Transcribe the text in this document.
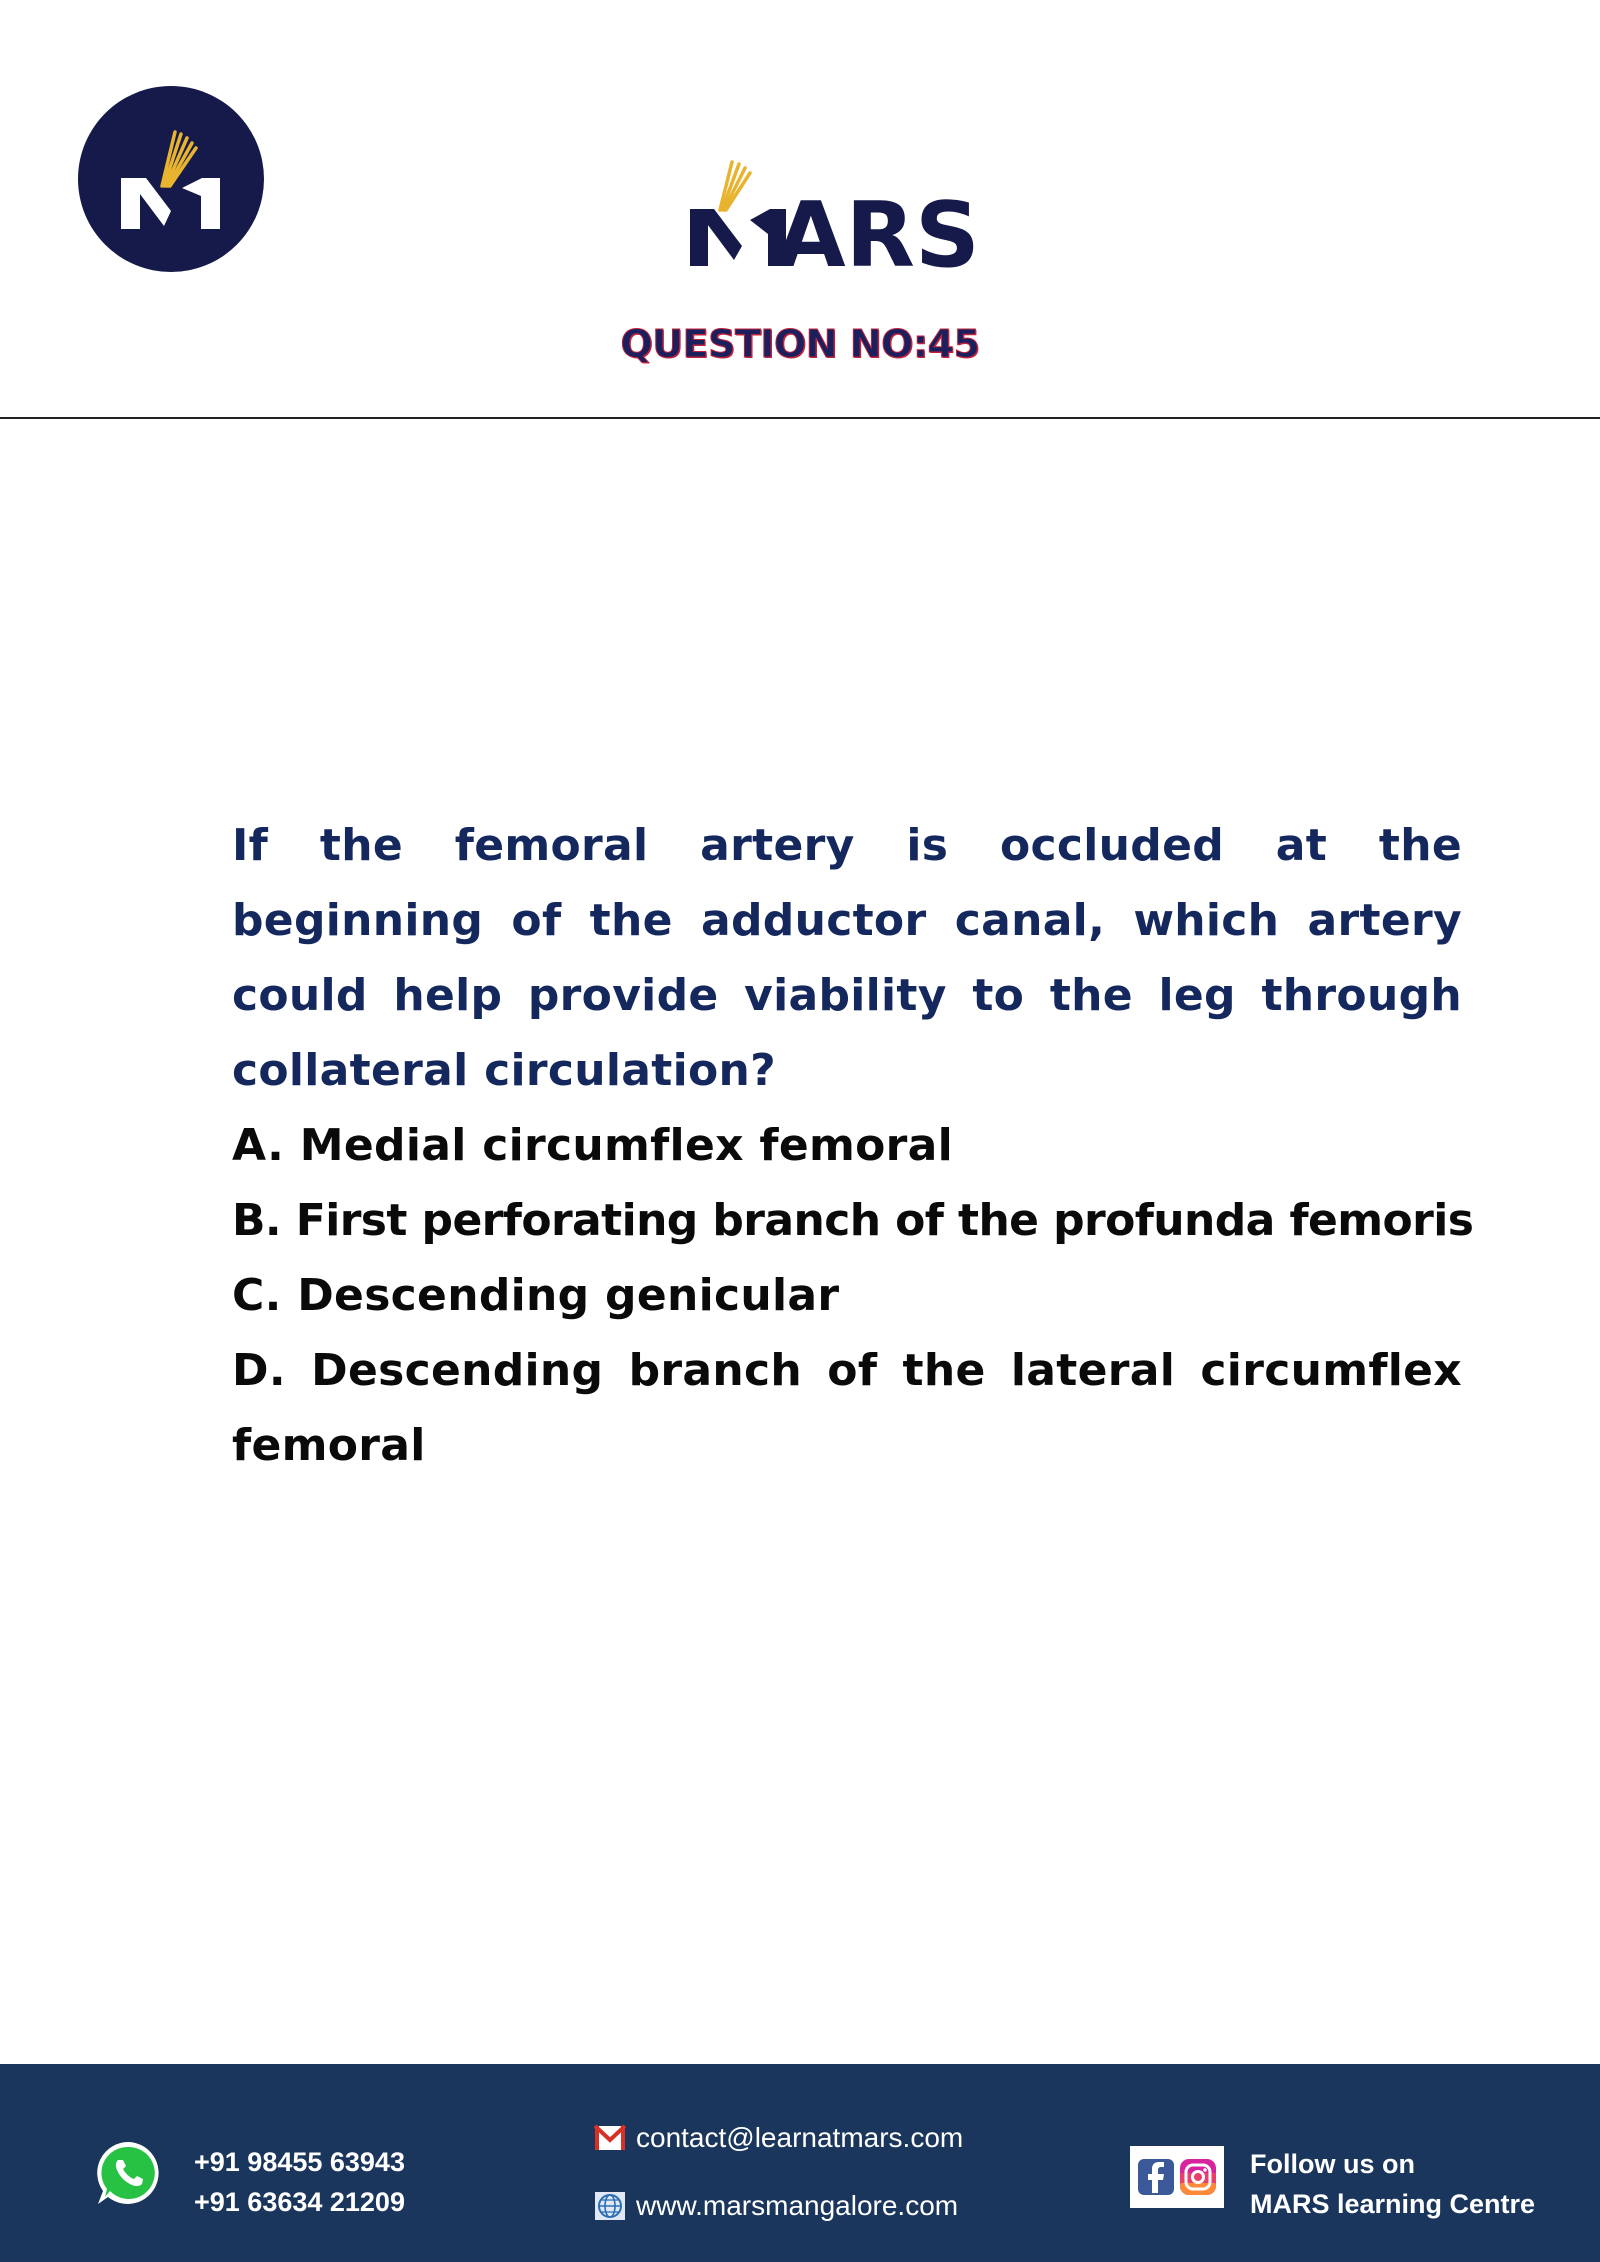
ARS
QUESTION NO:45

If the femoral artery is occluded at the beginning of the adductor canal, which artery could help provide viability to the leg through collateral circulation?

A. Medial circumflex femoral

B. First perforating branch of the profunda femoris

C. Descending genicular

D. Descending branch of the lateral circumflex femoral

+91 98455 63943
+91 63634 21209
contact@learnatmars.com
www.marsmangalore.com
Follow us on
MARS learning Centre
